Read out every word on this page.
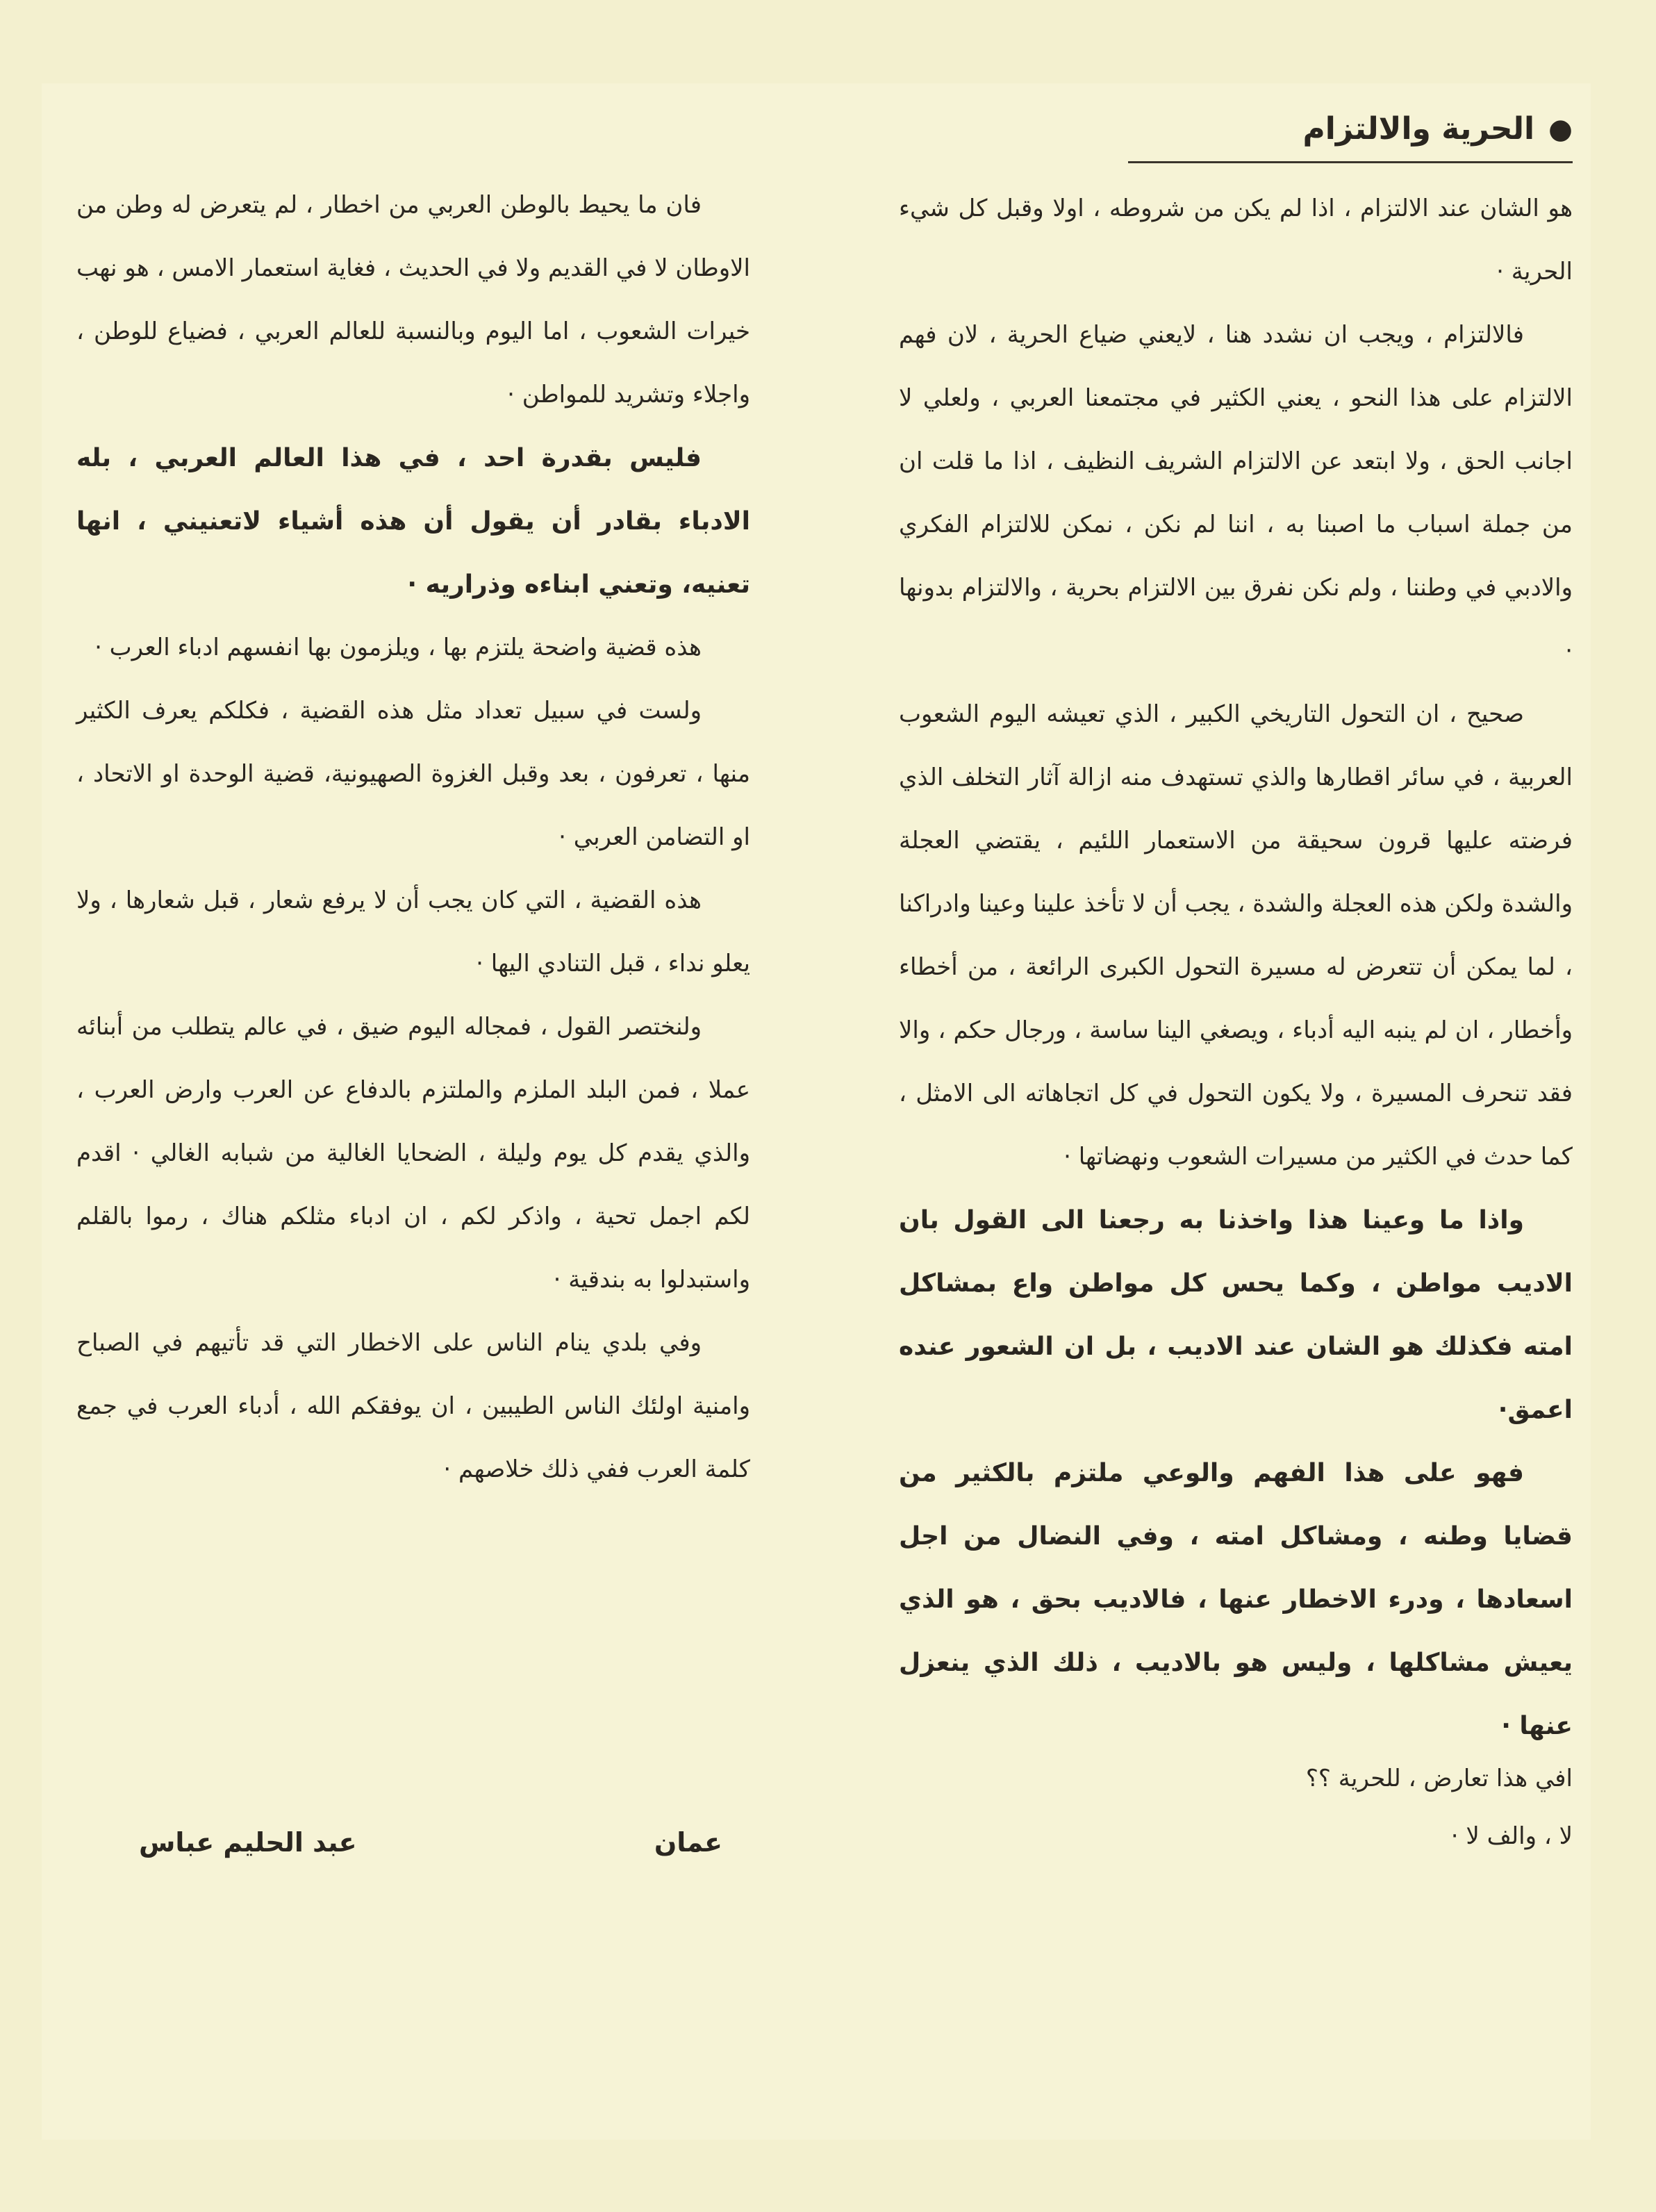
●
الحرية والالتزام

هو الشان عند الالتزام ، اذا لم يكن من شروطه ، اولا وقبل كل شيء الحرية ·

فالالتزام ، ويجب ان نشدد هنا ، لايعني ضياع الحرية ، لان فهم الالتزام على هذا النحو ، يعني الكثير في مجتمعنا العربي ، ولعلي لا اجانب الحق ، ولا ابتعد عن الالتزام الشريف النظيف ، اذا ما قلت ان من جملة اسباب ما اصبنا به ، اننا لم نكن ، نمكن للالتزام الفكري والادبي في وطننا ، ولم نكن نفرق بين الالتزام بحرية ، والالتزام بدونها ·

صحيح ، ان التحول التاريخي الكبير ، الذي تعيشه اليوم الشعوب العربية ، في سائر اقطارها والذي تستهدف منه ازالة آثار التخلف الذي فرضته عليها قرون سحيقة من الاستعمار اللئيم ، يقتضي العجلة والشدة ولكن هذه العجلة والشدة ، يجب أن لا تأخذ علينا وعينا وادراكنا ، لما يمكن أن تتعرض له مسيرة التحول الكبرى الرائعة ، من أخطاء وأخطار ، ان لم ينبه اليه أدباء ، ويصغي الينا ساسة ، ورجال حكم ، والا فقد تنحرف المسيرة ، ولا يكون التحول في كل اتجاهاته الى الامثل ، كما حدث في الكثير من مسيرات الشعوب ونهضاتها ·

واذا ما وعينا هذا واخذنا به رجعنا الى القول بان الاديب مواطن ، وكما يحس كل مواطن واع بمشاكل امته فكذلك هو الشان عند الاديب ، بل ان الشعور عنده اعمق·

فهو على هذا الفهم والوعي ملتزم بالكثير من قضايا وطنه ، ومشاكل امته ، وفي النضال من اجل اسعادها ، ودرء الاخطار عنها ، فالاديب بحق ، هو الذي يعيش مشاكلها ، وليس هو بالاديب ، ذلك الذي ينعزل عنها ·

افي هذا تعارض ، للحرية ؟؟

لا ، والف لا ·

فان ما يحيط بالوطن العربي من اخطار ، لم يتعرض له وطن من الاوطان لا في القديم ولا في الحديث ، فغاية استعمار الامس ، هو نهب خيرات الشعوب ، اما اليوم وبالنسبة للعالم العربي ، فضياع للوطن ، واجلاء وتشريد للمواطن ·

فليس بقدرة احد ، في هذا العالم العربي ، بله الادباء بقادر أن يقول أن هذه أشياء لاتعنيني ، انها تعنيه، وتعني ابناءه وذراريه ·

هذه قضية واضحة يلتزم بها ، ويلزمون بها انفسهم ادباء العرب ·

ولست في سبيل تعداد مثل هذه القضية ، فكلكم يعرف الكثير منها ، تعرفون ، بعد وقبل الغزوة الصهيونية، قضية الوحدة او الاتحاد ، او التضامن العربي ·

هذه القضية ، التي كان يجب أن لا يرفع شعار ، قبل شعارها ، ولا يعلو نداء ، قبل التنادي اليها ·

ولنختصر القول ، فمجاله اليوم ضيق ، في عالم يتطلب من أبنائه عملا ، فمن البلد الملزم والملتزم بالدفاع عن العرب وارض العرب ، والذي يقدم كل يوم وليلة ، الضحايا الغالية من شبابه الغالي · اقدم لكم اجمل تحية ، واذكر لكم ، ان ادباء مثلكم هناك ، رموا بالقلم واستبدلوا به بندقية ·

وفي بلدي ينام الناس على الاخطار التي قد تأتيهم في الصباح وامنية اولئك الناس الطيبين ، ان يوفقكم الله ، أدباء العرب في جمع كلمة العرب ففي ذلك خلاصهم ·

عمان
عبد الحليم عباس
